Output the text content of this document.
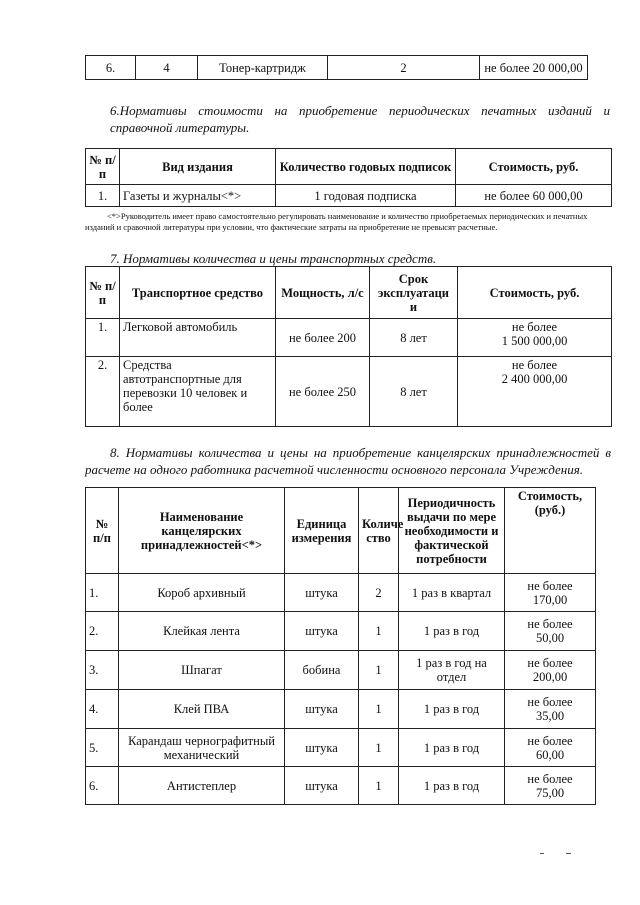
6.	4	Тонер-картридж	2	не более 20 000,00
6.Нормативы стоимости на приобретение периодических печатных изданий и справочной литературы.
№ п/п	Вид издания	Количество годовых подписок	Стоимость, руб.
1.	Газеты и журналы<*>	1 годовая подписка	не более 60 000,00
<*>Руководитель имеет право самостоятельно регулировать наименование и количество приобретаемых периодических и печатных изданий и сравочной литературы при условии, что фактические затраты на приобретение не превысят расчетные.
7. Нормативы количества и цены транспортных средств.
№ п/п	Транспортное средство	Мощность, л/с	Срок эксплуатаци и	Стоимость, руб.
1.	Легковой автомобиль	не более 200	8 лет	не более
1 500 000,00

2.	Средства автотранспортные для перевозки 10 человек и более	не более 250	8 лет	не более
2 400 000,00
8. Нормативы количества и цены на приобретение канцелярских принадлежностей в расчете на одного работника расчетной численности основного персонала Учреждения.
№ п/п	Наименование канцелярских принадлежностей<*>	Единица измерения	Количе ство	Периодичность выдачи по мере необходимости и фактической потребности	Стоимость, (руб.)
1.	Короб архивный	штука	2	1 раз в квартал	не более
170,00

2.	Клейкая лента	штука	1	1 раз в год	не более
50,00

3.	Шпагат	бобина	1	1 раз в год на отдел	не более
200,00

4.	Клей ПВА	штука	1	1 раз в год	не более
35,00

5.	Карандаш чернографитный механический	штука	1	1 раз в год	не более
60,00

6.	Антистеплер	штука	1	1 раз в год	не более
75,00
